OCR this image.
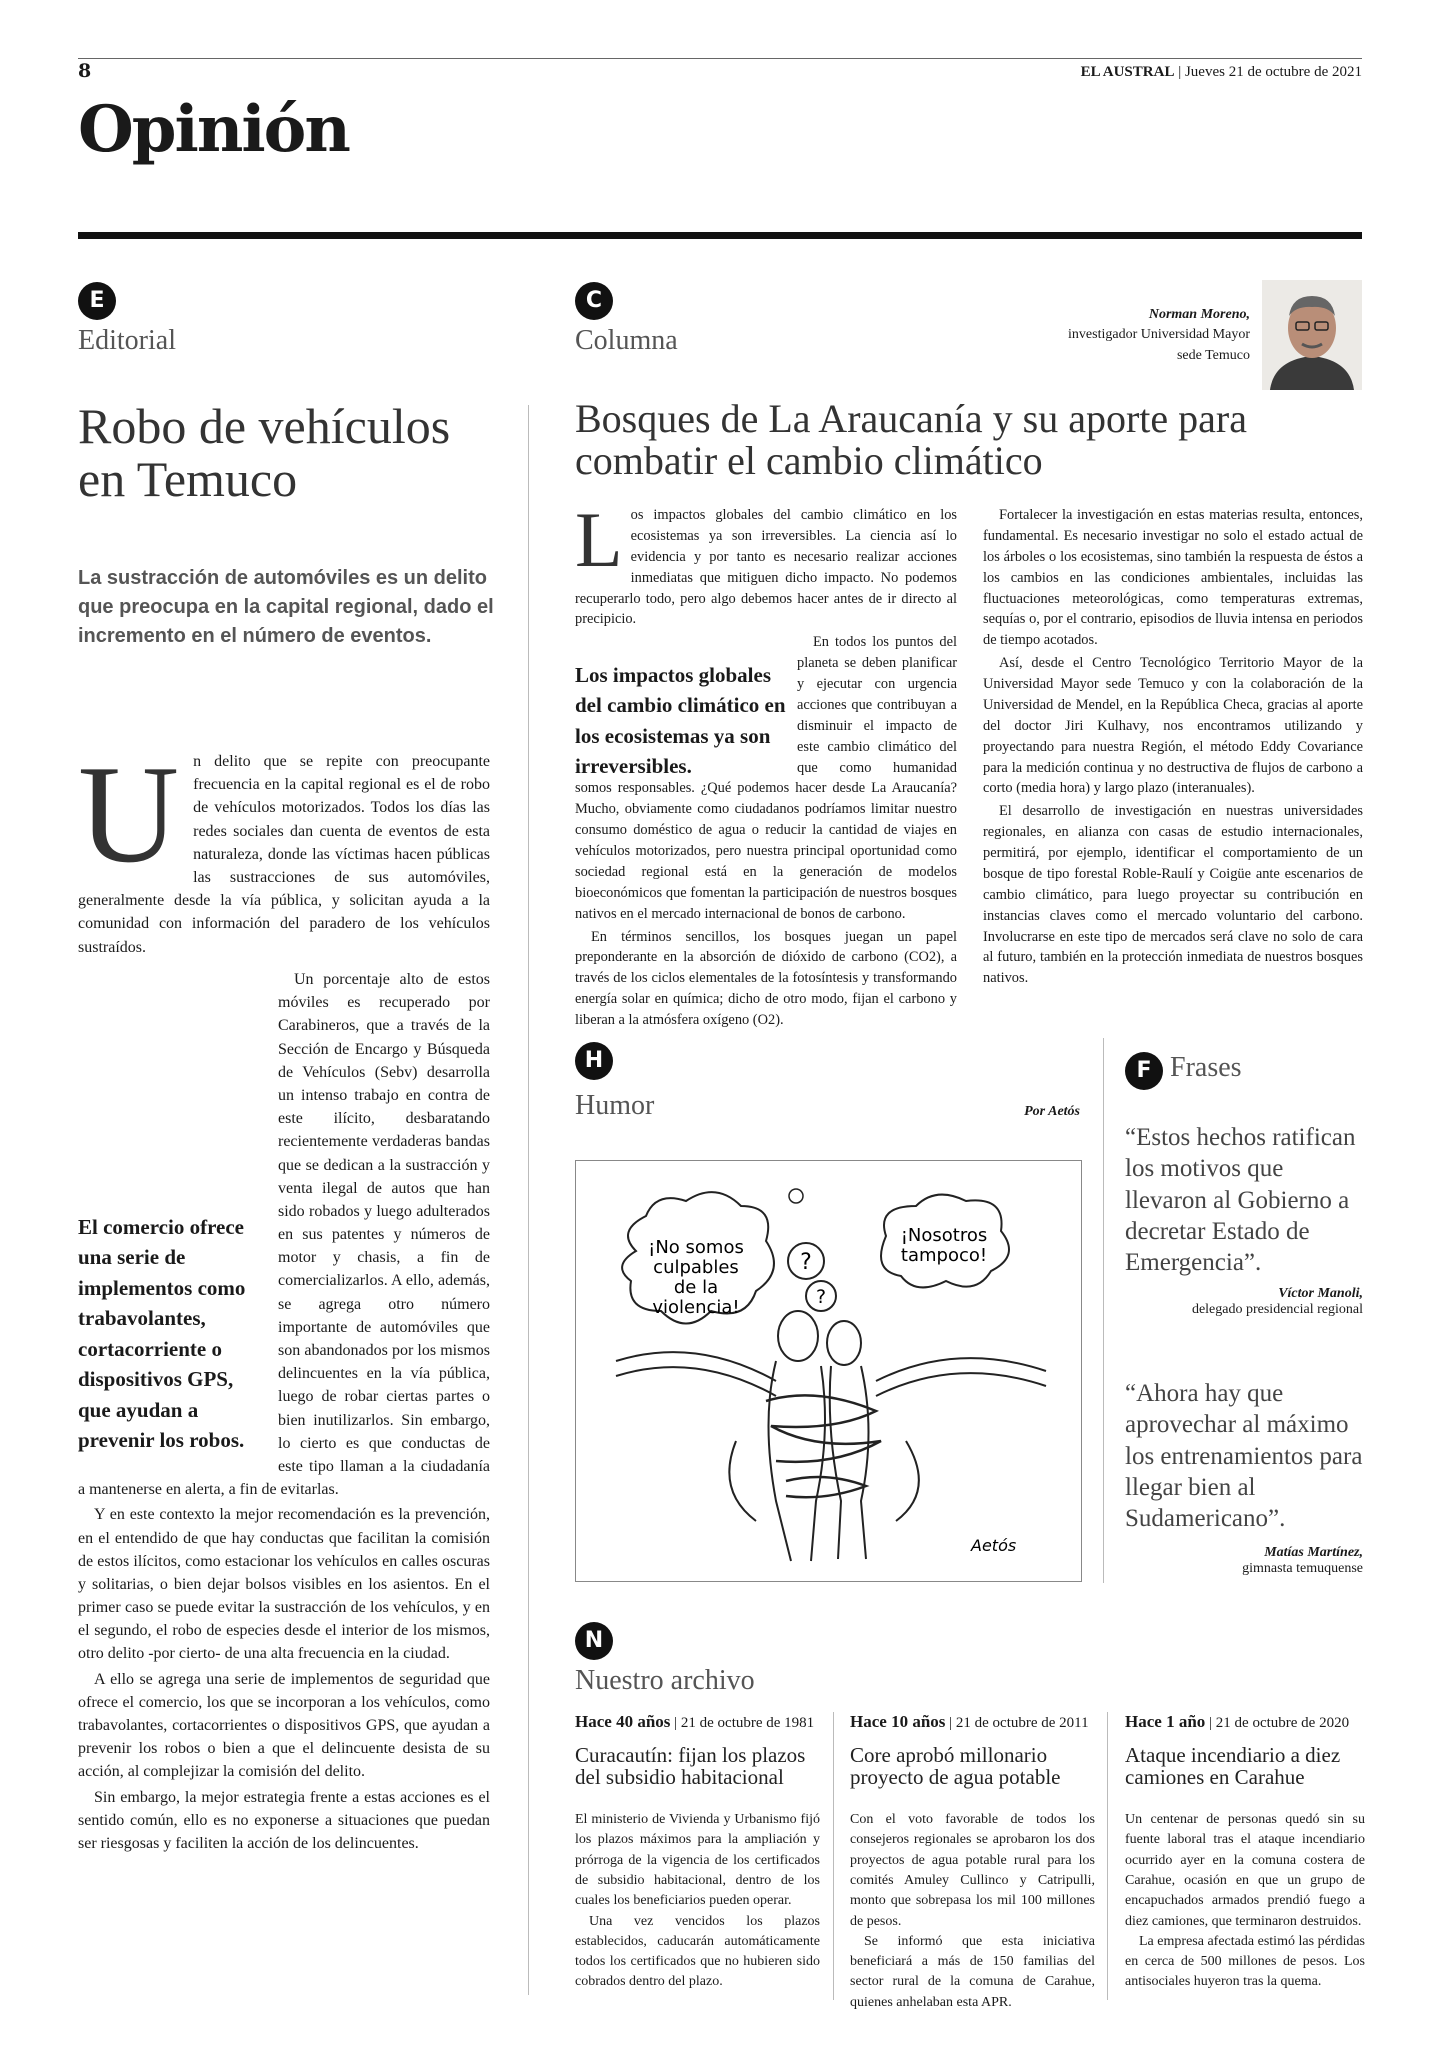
8	EL AUSTRAL | Jueves 21 de octubre de 2021
Opinión
E
Editorial
Robo de vehículos en Temuco
La sustracción de automóviles es un delito que preocupa en la capital regional, dado el incremento en el número de eventos.
U n delito que se repite con preocupante frecuencia en la capital regional es el de robo de vehículos motorizados. Todos los días las redes sociales dan cuenta de eventos de esta naturaleza, donde las víctimas hacen públicas las sustracciones de sus automóviles, generalmente desde la vía pública, y solicitan ayuda a la comunidad con información del paradero de los vehículos sustraídos.

El comercio ofrece una serie de implementos como trabavolantes, cortacorriente o dispositivos GPS, que ayudan a prevenir los robos.

Un porcentaje alto de estos móviles es recuperado por Carabineros, que a través de la Sección de Encargo y Búsqueda de Vehículos (Sebv) desarrolla un intenso trabajo en contra de este ilícito, desbaratando recientemente verdaderas bandas que se dedican a la sustracción y venta ilegal de autos que han sido robados y luego adulterados en sus patentes y números de motor y chasis, a fin de comercializarlos. A ello, además, se agrega otro número importante de automóviles que son abandonados por los mismos delincuentes en la vía pública, luego de robar ciertas partes o bien inutilizarlos. Sin embargo, lo cierto es que conductas de este tipo llaman a la ciudadanía a mantenerse en alerta, a fin de evitarlas.

Y en este contexto la mejor recomendación es la prevención, en el entendido de que hay conductas que facilitan la comisión de estos ilícitos, como estacionar los vehículos en calles oscuras y solitarias, o bien dejar bolsos visibles en los asientos. En el primer caso se puede evitar la sustracción de los vehículos, y en el segundo, el robo de especies desde el interior de los mismos, otro delito -por cierto- de una alta frecuencia en la ciudad.

A ello se agrega una serie de implementos de seguridad que ofrece el comercio, los que se incorporan a los vehículos, como trabavolantes, cortacorrientes o dispositivos GPS, que ayudan a prevenir los robos o bien a que el delincuente desista de su acción, al complejizar la comisión del delito.

Sin embargo, la mejor estrategia frente a estas acciones es el sentido común, ello es no exponerse a situaciones que puedan ser riesgosas y faciliten la acción de los delincuentes.

C
Columna
Norman Moreno,
investigador Universidad Mayor
sede Temuco
Bosques de La Araucanía y su aporte para combatir el cambio climático
L os impactos globales del cambio climático en los ecosistemas ya son irreversibles. La ciencia así lo evidencia y por tanto es necesario realizar acciones inmediatas que mitiguen dicho impacto. No podemos recuperarlo todo, pero algo debemos hacer antes de ir directo al precipicio.

En todos los puntos del planeta se deben planificar y ejecutar con urgencia acciones que contribuyan a disminuir el impacto de este cambio climático del que como humanidad somos responsables. ¿Qué podemos hacer desde La Araucanía? Mucho, obviamente como ciudadanos podríamos limitar nuestro consumo doméstico de agua o reducir la cantidad de viajes en vehículos motorizados, pero nuestra principal oportunidad como sociedad regional está en la generación de modelos bioeconómicos que fomentan la participación de nuestros bosques nativos en el mercado internacional de bonos de carbono.

En términos sencillos, los bosques juegan un papel preponderante en la absorción de dióxido de carbono (CO2), a través de los ciclos elementales de la fotosíntesis y transformando energía solar en química; dicho de otro modo, fijan el carbono y liberan a la atmósfera oxígeno (O2).

Los impactos globales del cambio climático en los ecosistemas ya son irreversibles.

Fortalecer la investigación en estas materias resulta, entonces, fundamental. Es necesario investigar no solo el estado actual de los árboles o los ecosistemas, sino también la respuesta de éstos a los cambios en las condiciones ambientales, incluidas las fluctuaciones meteorológicas, como temperaturas extremas, sequías o, por el contrario, episodios de lluvia intensa en periodos de tiempo acotados.

Así, desde el Centro Tecnológico Territorio Mayor de la Universidad Mayor sede Temuco y con la colaboración de la Universidad de Mendel, en la República Checa, gracias al aporte del doctor Jiri Kulhavy, nos encontramos utilizando y proyectando para nuestra Región, el método Eddy Covariance para la medición continua y no destructiva de flujos de carbono a corto (media hora) y largo plazo (interanuales).

El desarrollo de investigación en nuestras universidades regionales, en alianza con casas de estudio internacionales, permitirá, por ejemplo, identificar el comportamiento de un bosque de tipo forestal Roble-Raulí y Coigüe ante escenarios de cambio climático, para luego proyectar su contribución en instancias claves como el mercado voluntario del carbono. Involucrarse en este tipo de mercados será clave no solo de cara al futuro, también en la protección inmediata de nuestros bosques nativos.

H
Humor	Por Aetós
¡No somos
culpables
de la
violencia!
¡Nosotros
tampoco!
?
?
Aetós
F Frases
“Estos hechos ratifican los motivos que llevaron al Gobierno a decretar Estado de Emergencia”.
Víctor Manoli,
delegado presidencial regional
“Ahora hay que aprovechar al máximo los entrenamientos para llegar bien al Sudamericano”.
Matías Martínez,
gimnasta temuquense
N
Nuestro archivo
Hace 40 años | 21 de octubre de 1981
Curacautín: fijan los plazos del subsidio habitacional

El ministerio de Vivienda y Urbanismo fijó los plazos máximos para la ampliación y prórroga de la vigencia de los certificados de subsidio habitacional, dentro de los cuales los beneficiarios pueden operar.

Una vez vencidos los plazos establecidos, caducarán automáticamente todos los certificados que no hubieren sido cobrados dentro del plazo.

Hace 10 años | 21 de octubre de 2011
Core aprobó millonario proyecto de agua potable

Con el voto favorable de todos los consejeros regionales se aprobaron los dos proyectos de agua potable rural para los comités Amuley Cullinco y Catripulli, monto que sobrepasa los mil 100 millones de pesos.

Se informó que esta iniciativa beneficiará a más de 150 familias del sector rural de la comuna de Carahue, quienes anhelaban esta APR.

Hace 1 año | 21 de octubre de 2020
Ataque incendiario a diez camiones en Carahue

Un centenar de personas quedó sin su fuente laboral tras el ataque incendiario ocurrido ayer en la comuna costera de Carahue, ocasión en que un grupo de encapuchados armados prendió fuego a diez camiones, que terminaron destruidos.

La empresa afectada estimó las pérdidas en cerca de 500 millones de pesos. Los antisociales huyeron tras la quema.
